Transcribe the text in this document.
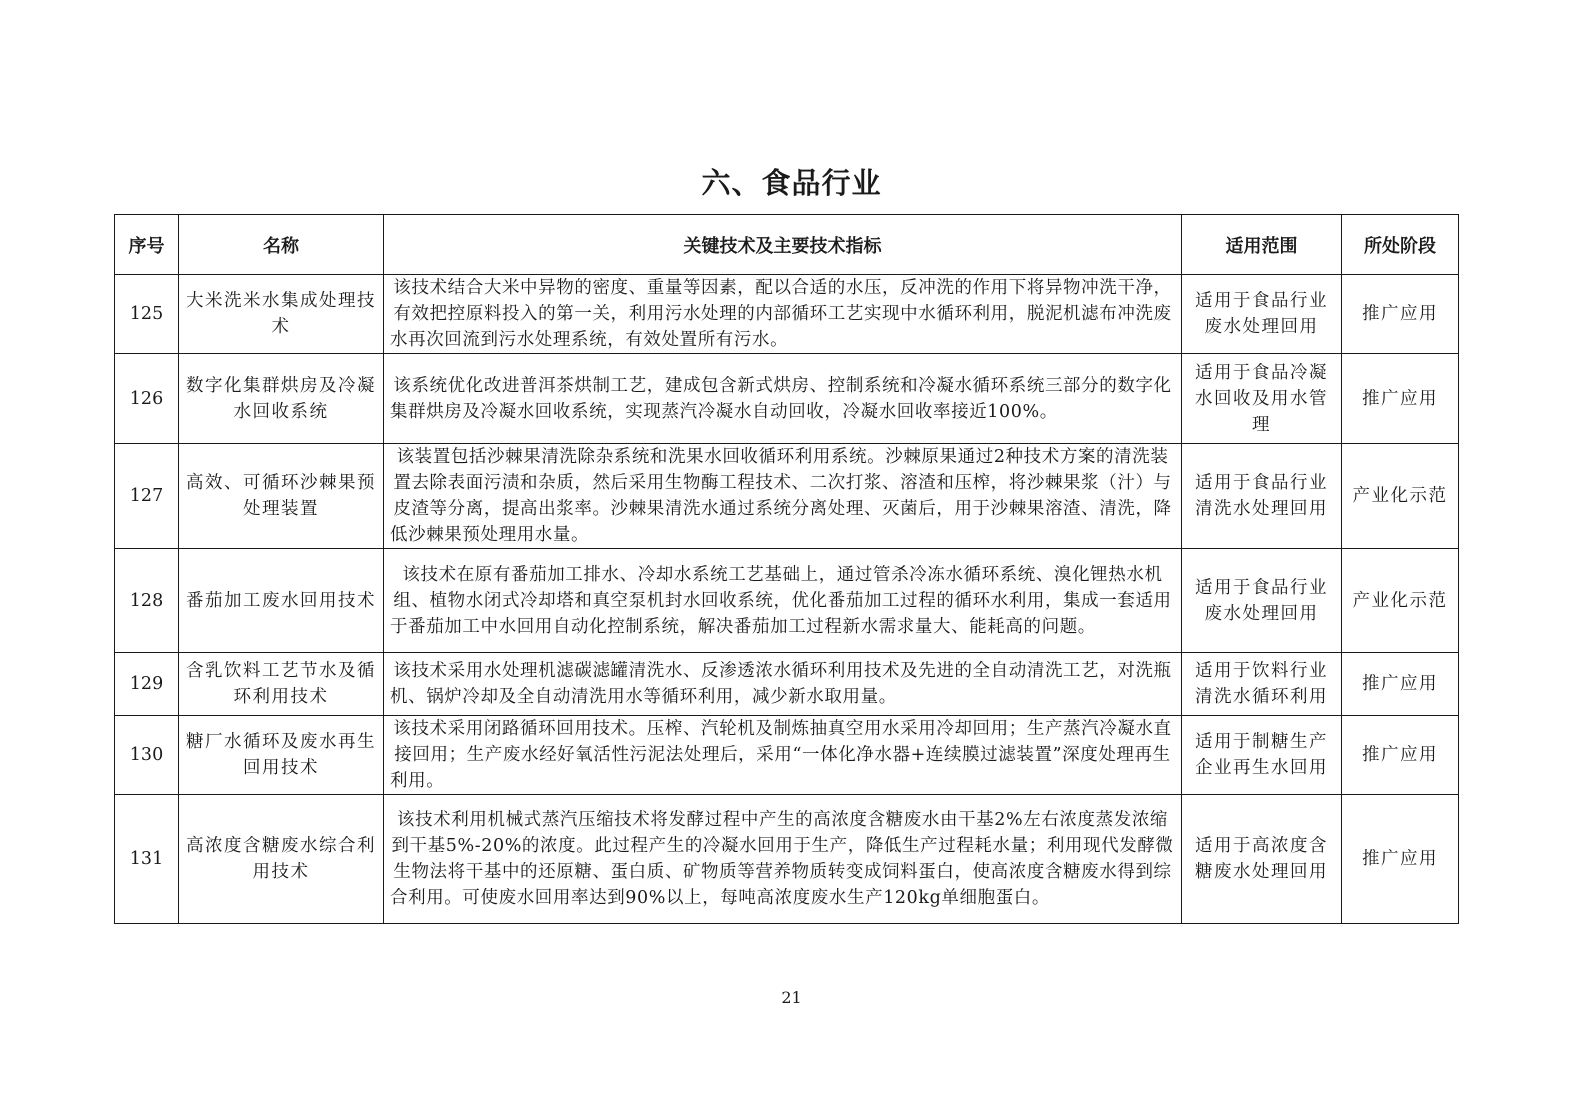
六、食品行业
序号	名称	关键技术及主要技术指标	适用范围	所处阶段
125	大米洗米水集成处理技术	该技术结合大米中异物的密度、重量等因素，配以合适的水压，反冲洗的作用下将异物冲洗干净，有效把控原料投入的第一关，利用污水处理的内部循环工艺实现中水循环利用，脱泥机滤布冲洗废水再次回流到污水处理系统，有效处置所有污水。	适用于食品行业废水处理回用	推广应用
126	数字化集群烘房及冷凝水回收系统	该系统优化改进普洱茶烘制工艺，建成包含新式烘房、控制系统和冷凝水循环系统三部分的数字化集群烘房及冷凝水回收系统，实现蒸汽冷凝水自动回收，冷凝水回收率接近100%。	适用于食品冷凝水回收及用水管理	推广应用
127	高效、可循环沙棘果预处理装置	该装置包括沙棘果清洗除杂系统和洗果水回收循环利用系统。沙棘原果通过2种技术方案的清洗装置去除表面污渍和杂质，然后采用生物酶工程技术、二次打浆、溶渣和压榨，将沙棘果浆（汁）与皮渣等分离，提高出浆率。沙棘果清洗水通过系统分离处理、灭菌后，用于沙棘果溶渣、清洗，降低沙棘果预处理用水量。	适用于食品行业清洗水处理回用	产业化示范
128	番茄加工废水回用技术	该技术在原有番茄加工排水、冷却水系统工艺基础上，通过管杀冷冻水循环系统、溴化锂热水机组、植物水闭式冷却塔和真空泵机封水回收系统，优化番茄加工过程的循环水利用，集成一套适用于番茄加工中水回用自动化控制系统，解决番茄加工过程新水需求量大、能耗高的问题。	适用于食品行业废水处理回用	产业化示范
129	含乳饮料工艺节水及循环利用技术	该技术采用水处理机滤碳滤罐清洗水、反渗透浓水循环利用技术及先进的全自动清洗工艺，对洗瓶机、锅炉冷却及全自动清洗用水等循环利用，减少新水取用量。	适用于饮料行业清洗水循环利用	推广应用
130	糖厂水循环及废水再生回用技术	该技术采用闭路循环回用技术。压榨、汽轮机及制炼抽真空用水采用冷却回用；生产蒸汽冷凝水直接回用；生产废水经好氧活性污泥法处理后，采用“一体化净水器+连续膜过滤装置”深度处理再生利用。	适用于制糖生产企业再生水回用	推广应用
131	高浓度含糖废水综合利用技术	该技术利用机械式蒸汽压缩技术将发酵过程中产生的高浓度含糖废水由干基2%左右浓度蒸发浓缩到干基5%-20%的浓度。此过程产生的冷凝水回用于生产，降低生产过程耗水量；利用现代发酵微生物法将干基中的还原糖、蛋白质、矿物质等营养物质转变成饲料蛋白，使高浓度含糖废水得到综合利用。可使废水回用率达到90%以上，每吨高浓度废水生产120kg单细胞蛋白。	适用于高浓度含糖废水处理回用	推广应用
21
